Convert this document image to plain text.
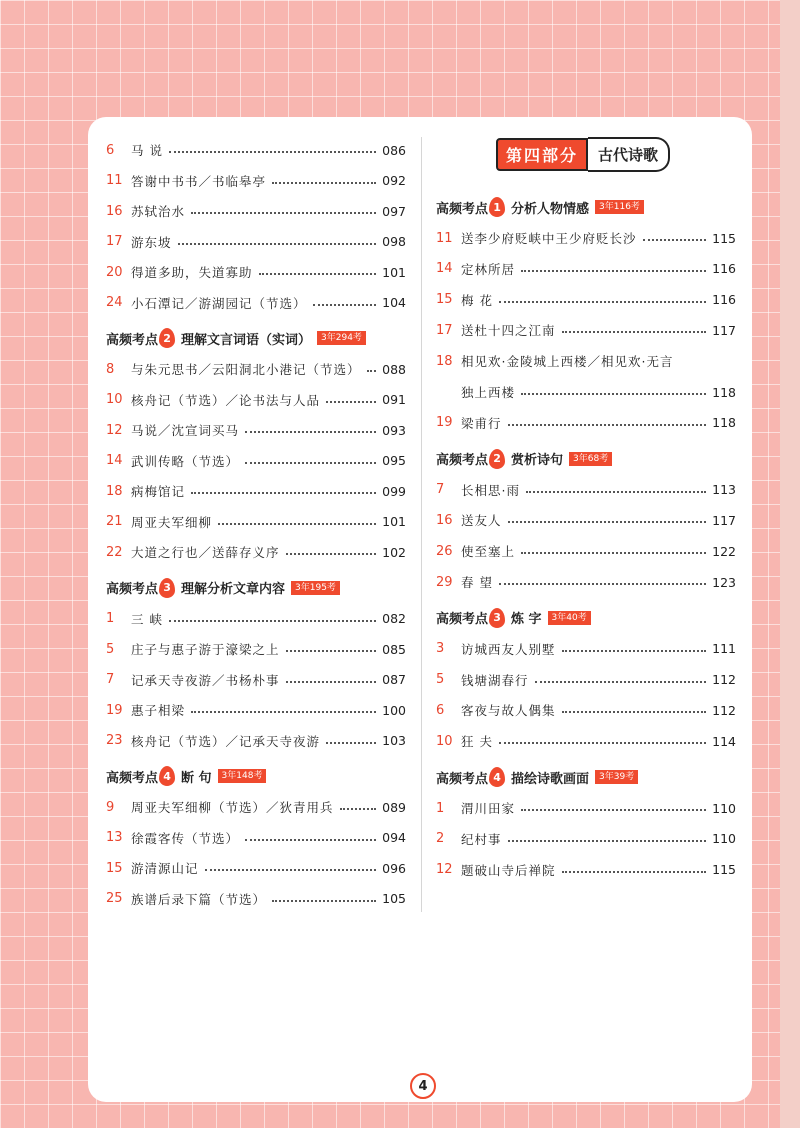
6	马 说	086
11 答谢中书书／书临皋亭	092
16 苏轼治水	097
17 游东坡	098
20 得道多助，失道寡助	101
24 小石潭记／游湖园记（节选）	104
高频考点 2 理解文言词语（实词）	3年294考
8	与朱元思书／云阳洞北小港记（节选） 088
10 核舟记（节选）／论书法与人品	091
12 马说／沈宣词买马	093
14 武训传略（节选）	095
18 病梅馆记	099
21 周亚夫军细柳	101
22 大道之行也／送薛存义序	102
高频考点 3 理解分析文章内容	3年195考
1	三 峡	082
5	庄子与惠子游于濠梁之上	085
7	记承天寺夜游／书杨朴事	087
19 惠子相梁	100
23 核舟记（节选）／记承天寺夜游	103
高频考点 4 断 句	3年148考
9	周亚夫军细柳（节选）／狄青用兵	089
13 徐霞客传（节选）	094
15 游清源山记	096
25 族谱后录下篇（节选）	105
第四部分	古代诗歌
高频考点 1 分析人物情感	3年116考
11 送李少府贬峡中王少府贬长沙	115
14 定林所居	116
15 梅 花	116
17 送杜十四之江南	117
18 相见欢·金陵城上西楼／相见欢·无言
独上西楼	118
19 梁甫行	118
高频考点 2 赏析诗句	3年68考
7	长相思·雨	113
16 送友人	117
26 使至塞上	122
29 春 望	123
高频考点 3 炼 字	3年40考
3	访城西友人别墅	111
5	钱塘湖春行	112
6	客夜与故人偶集	112
10 狂 夫	114
高频考点 4 描绘诗歌画面	3年39考
1	渭川田家	110
2	纪村事	110
12 题破山寺后禅院	115
4
